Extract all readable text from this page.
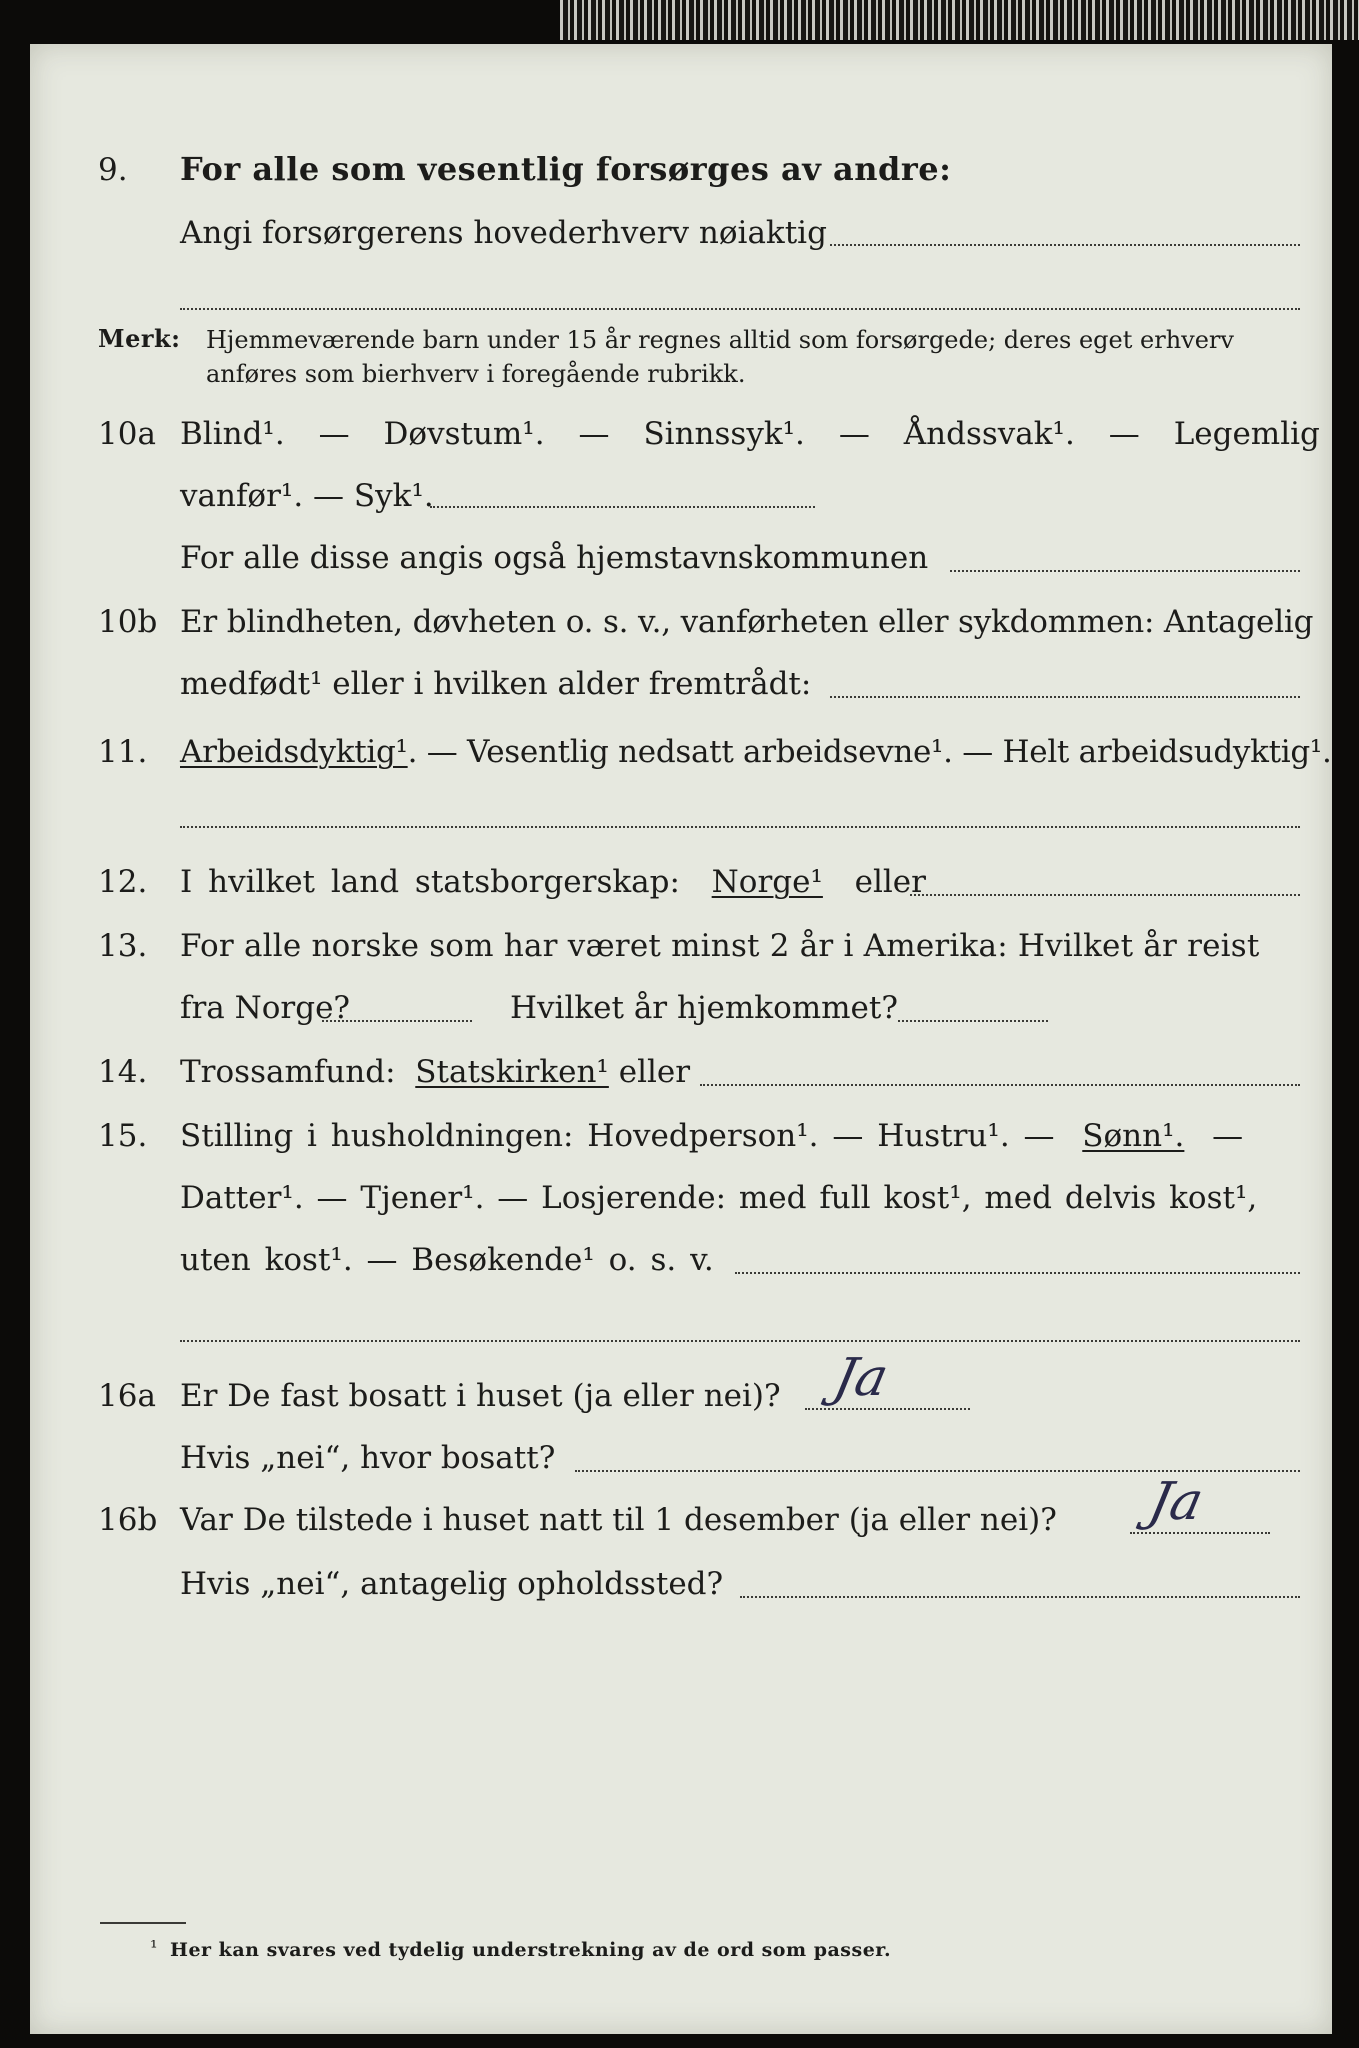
9. For alle som vesentlig forsørges av andre:
Angi forsørgerens hovederhverv nøiaktig
Merk: Hjemmeværende barn under 15 år regnes alltid som forsørgede; deres eget erhverv
anføres som bierhverv i foregående rubrikk.
10a Blind¹. — Døvstum¹. — Sinnssyk¹. — Åndssvak¹. — Legemlig
vanfør¹. — Syk¹.
For alle disse angis også hjemstavnskommunen
10b Er blindheten, døvheten o. s. v., vanførheten eller sykdommen: Antagelig
medfødt¹ eller i hvilken alder fremtrådt:
11. Arbeidsdyktig¹. — Vesentlig nedsatt arbeidsevne¹. — Helt arbeidsudyktig¹.
12. I hvilket land statsborgerskap: Norge¹ eller
13. For alle norske som har været minst 2 år i Amerika: Hvilket år reist
fra Norge?	Hvilket år hjemkommet?
14. Trossamfund: Statskirken¹ eller
15. Stilling i husholdningen: Hovedperson¹. — Hustru¹. — Sønn¹. —
Datter¹. — Tjener¹. — Losjerende: med full kost¹, med delvis kost¹,
uten kost¹. — Besøkende¹ o. s. v.
16a Er De fast bosatt i huset (ja eller nei)? Ja
Hvis „nei“, hvor bosatt?
16b Var De tilstede i huset natt til 1 desember (ja eller nei)? Ja
Hvis „nei“, antagelig opholdssted?
¹ Her kan svares ved tydelig understrekning av de ord som passer.
